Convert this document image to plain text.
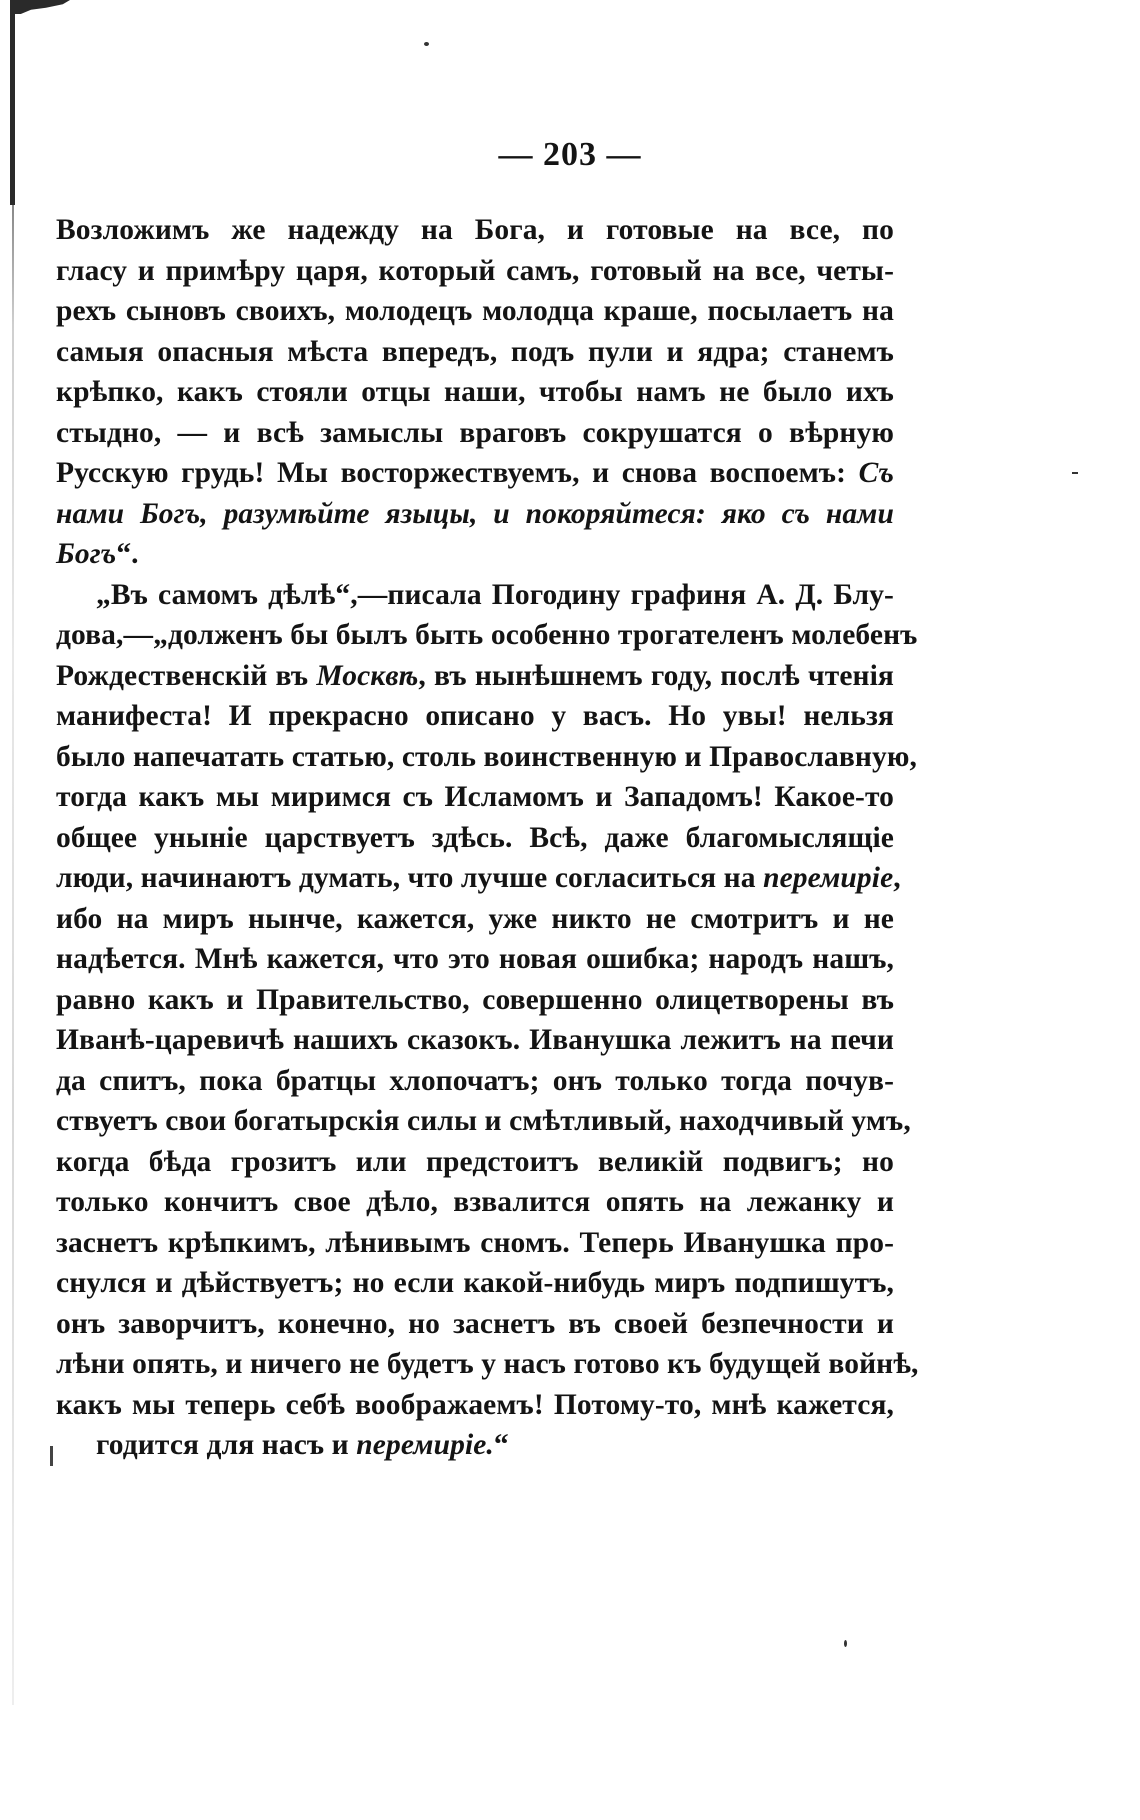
— 203 —
Возложимъ же надежду на Бога, и готовые на все, по
гласу и примѣру царя, который самъ, готовый на все, четы-
рехъ сыновъ своихъ, молодецъ молодца краше, посылаетъ на
самыя опасныя мѣста впередъ, подъ пули и ядра; станемъ
крѣпко, какъ стояли отцы наши, чтобы намъ не было ихъ
стыдно, — и всѣ замыслы враговъ сокрушатся о вѣрную
Русскую грудь! Мы восторжествуемъ, и снова воспоемъ: Съ
нами Богъ, разумѣйте языцы, и покоряйтеся: яко съ нами
Богъ“.
„Въ самомъ дѣлѣ“,—писала Погодину графиня А. Д. Блу-
дова,—„долженъ бы былъ быть особенно трогателенъ молебенъ
Рождественскій въ Москвѣ, въ нынѣшнемъ году, послѣ чтенія
манифеста! И прекрасно описано у васъ. Но увы! нельзя
было напечатать статью, столь воинственную и Православную,
тогда какъ мы миримся съ Исламомъ и Западомъ! Какое-то
общее уныніе царствуетъ здѣсь. Всѣ, даже благомыслящіе
люди, начинаютъ думать, что лучше согласиться на перемиріе,
ибо на миръ нынче, кажется, уже никто не смотритъ и не
надѣется. Мнѣ кажется, что это новая ошибка; народъ нашъ,
равно какъ и Правительство, совершенно олицетворены въ
Иванѣ-царевичѣ нашихъ сказокъ. Иванушка лежитъ на печи
да спитъ, пока братцы хлопочатъ; онъ только тогда почув-
ствуетъ свои богатырскія силы и смѣтливый, находчивый умъ,
когда бѣда грозитъ или предстоитъ великій подвигъ; но
только кончитъ свое дѣло, взвалится опять на лежанку и
заснетъ крѣпкимъ, лѣнивымъ сномъ. Теперь Иванушка про-
снулся и дѣйствуетъ; но если какой-нибудь миръ подпишутъ,
онъ заворчитъ, конечно, но заснетъ въ своей безпечности и
лѣни опять, и ничего не будетъ у насъ готово къ будущей войнѣ,
какъ мы теперь себѣ воображаемъ! Потому-то, мнѣ кажется,
годится для насъ и перемиріе.“
